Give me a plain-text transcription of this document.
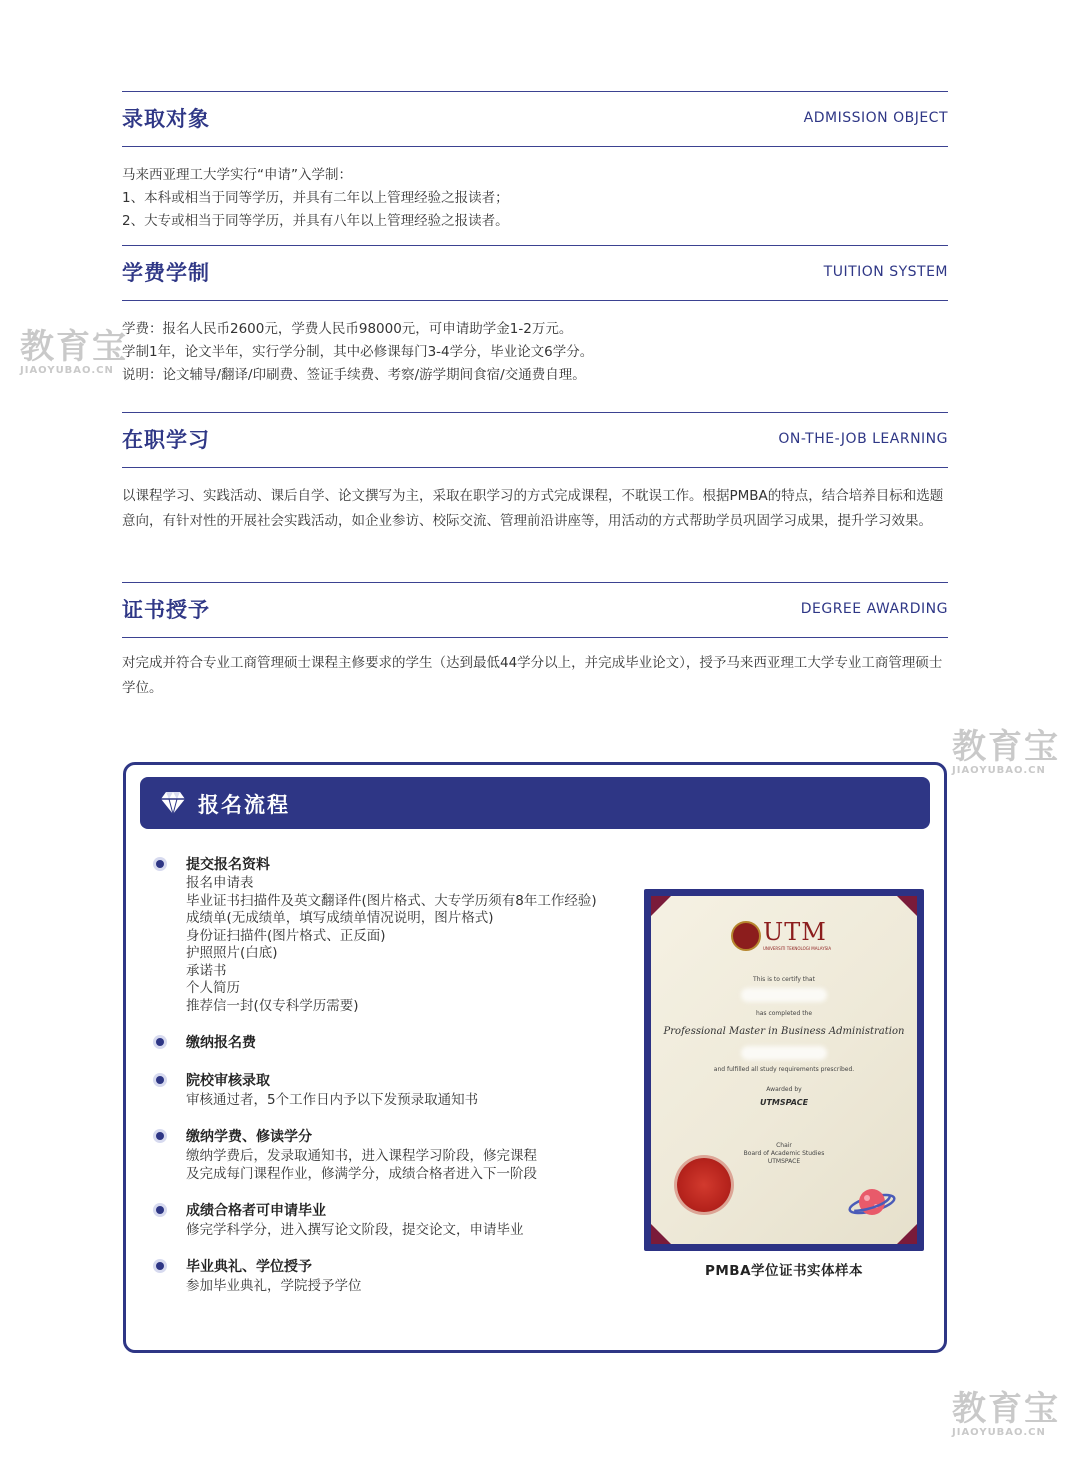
录取对象	ADMISSION OBJECT
马来西亚理工大学实行“申请”入学制：
1、本科或相当于同等学历，并具有二年以上管理经验之报读者；
2、大专或相当于同等学历，并具有八年以上管理经验之报读者。
学费学制	TUITION SYSTEM
学费：报名人民币2600元，学费人民币98000元，可申请助学金1-2万元。
学制1年，论文半年，实行学分制，其中必修课每门3-4学分，毕业论文6学分。
说明：论文辅导/翻译/印刷费、签证手续费、考察/游学期间食宿/交通费自理。
在职学习	ON-THE-JOB LEARNING
以课程学习、实践活动、课后自学、论文撰写为主，采取在职学习的方式完成课程，不耽误工作。根据PMBA的特点，结合培养目标和选题意向，有针对性的开展社会实践活动，如企业参访、校际交流、管理前沿讲座等，用活动的方式帮助学员巩固学习成果，提升学习效果。
证书授予	DEGREE AWARDING
对完成并符合专业工商管理硕士课程主修要求的学生（达到最低44学分以上，并完成毕业论文），授予马来西亚理工大学专业工商管理硕士学位。
教育宝
JIAOYUBAO.CN
教育宝
JIAOYUBAO.CN
教育宝
JIAOYUBAO.CN
报名流程
提交报名资料
报名申请表
毕业证书扫描件及英文翻译件(图片格式、大专学历须有8年工作经验)
成绩单(无成绩单，填写成绩单情况说明，图片格式)
身份证扫描件(图片格式、正反面)
护照照片(白底)
承诺书
个人简历
推荐信一封(仅专科学历需要)
缴纳报名费
院校审核录取
审核通过者，5个工作日内予以下发预录取通知书
缴纳学费、修读学分
缴纳学费后，发录取通知书，进入课程学习阶段，修完课程
及完成每门课程作业，修满学分，成绩合格者进入下一阶段
成绩合格者可申请毕业
修完学科学分，进入撰写论文阶段，提交论文，申请毕业
毕业典礼、学位授予
参加毕业典礼，学院授予学位
UTM
UNIVERSITI TEKNOLOGI MALAYSIA
This is to certify that
has completed the
Professional Master in Business Administration
and fulfilled all study requirements prescribed.
Awarded by
UTMSPACE
Chair
Board of Academic Studies
UTMSPACE
PMBA学位证书实体样本
